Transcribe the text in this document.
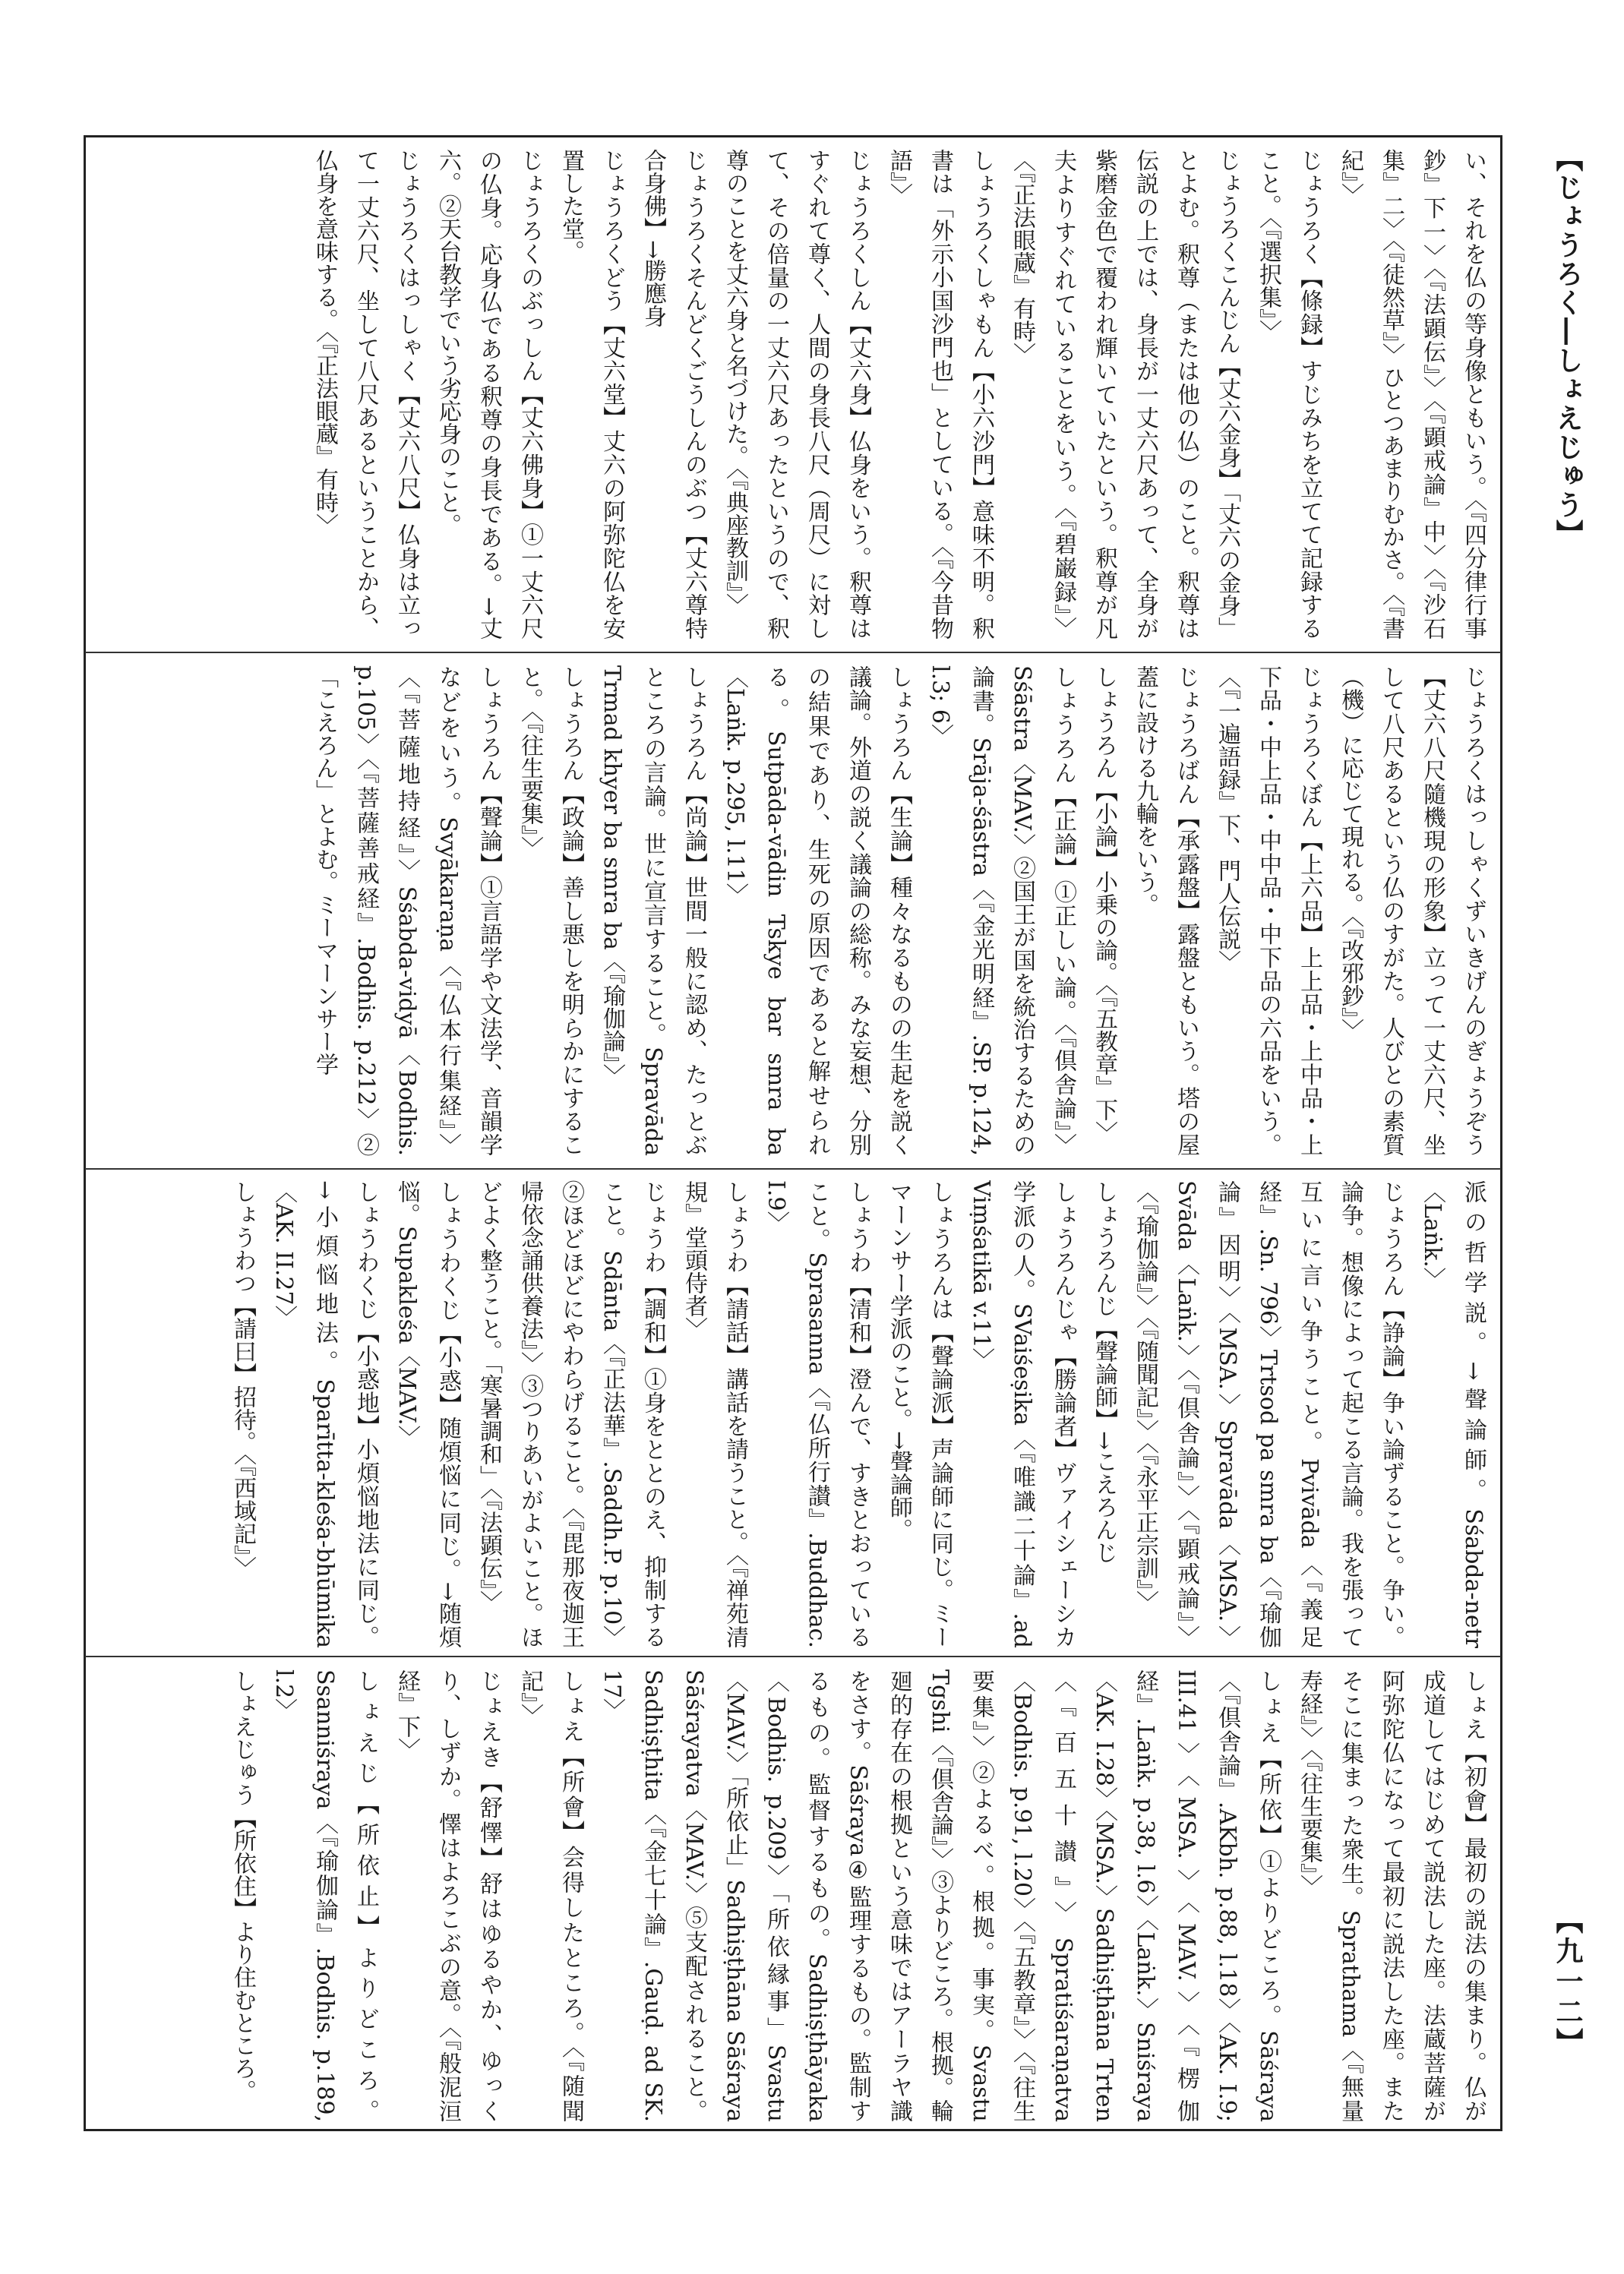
【じょうろく―しょえじゅう】
【九一二】

い、それを仏の等身像ともいう。〈『四分律行事鈔』下一〉〈『法顕伝』〉〈『顕戒論』中〉〈『沙石集』二〉〈『徒然草』〉ひとつあまりむかさ。〈『書紀』〉

じょうろく【條録】すじみちを立てて記録すること。〈『選択集』〉

じょうろくこんじん【丈六金身】「丈六の金身」とよむ。釈尊（または他の仏）のこと。釈尊は伝説の上では、身長が一丈六尺あって、全身が紫磨金色で覆われ輝いていたという。釈尊が凡夫よりすぐれていることをいう。〈『碧巌録』〉〈『正法眼蔵』有時〉

しょうろくしゃもん【小六沙門】意味不明。釈書は「外示小国沙門也」としている。〈『今昔物語』〉

じょうろくしん【丈六身】仏身をいう。釈尊はすぐれて尊く、人間の身長八尺（周尺）に対して、その倍量の一丈六尺あったというので、釈尊のことを丈六身と名づけた。〈『典座教訓』〉

じょうろくそんどくごうしんのぶつ【丈六尊特合身佛】→勝應身

じょうろくどう【丈六堂】丈六の阿弥陀仏を安置した堂。

じょうろくのぶっしん【丈六佛身】①一丈六尺の仏身。応身仏である釈尊の身長である。→丈六。②天台教学でいう劣応身のこと。

じょうろくはっしゃく【丈六八尺】仏身は立って一丈六尺、坐して八尺あるということから、仏身を意味する。〈『正法眼蔵』有時〉

じょうろくはっしゃくずいきげんのぎょうぞう【丈六八尺隨機現の形象】立って一丈六尺、坐して八尺あるという仏のすがた。人びとの素質（機）に応じて現れる。〈『改邪鈔』〉

じょうろくぼん【上六品】上上品・上中品・上下品・中上品・中中品・中下品の六品をいう。〈『一遍語録』下、門人伝説〉

じょうろばん【承露盤】露盤ともいう。塔の屋蓋に設ける九輪をいう。

しょうろん【小論】小乗の論。〈『五教章』下〉

しょうろん【正論】①正しい論。〈『倶舎論』〉Sśāstra〈MAV.〉②国王が国を統治するための論書。Srāja-śāstra〈『金光明経』.SP. p.124, l.3; 6〉

しょうろん【生論】種々なるものの生起を説く議論。外道の説く議論の総称。みな妄想、分別の結果であり、生死の原因であると解せられる。Sutpāda-vādin Tskye bar smra ba〈Laṅk. p.295, l.11〉

しょうろん【尚論】世間一般に認め、たっとぶところの言論。世に宣言すること。Spravāda Trmad khyer ba smra ba〈『瑜伽論』〉

しょうろん【政論】善し悪しを明らかにすること。〈『往生要集』〉

しょうろん【聲論】①言語学や文法学、音韻学などをいう。Svyākaraṇa〈『仏本行集経』〉〈『菩薩地持経』〉Sśabda-vidyā〈Bodhis. p.105〉〈『菩薩善戒経』.Bodhis. p.212〉②「こえろん」とよむ。ミーマーンサー学

派の哲学説。→聲論師。Sśabda-netr〈Laṅk.〉

じょうろん【諍論】争い論ずること。争い。論争。想像によって起こる言論。我を張って互いに言い争うこと。Pvivāda〈『義足経』.Sn. 796〉Trtsod pa smra ba〈『瑜伽論』因明〉〈MSA.〉Spravāda〈MSA.〉Svāda〈Laṅk.〉〈『倶舎論』〉〈『顕戒論』〉〈『瑜伽論』〉〈『随聞記』〉〈『永平正宗訓』〉

しょうろんじ【聲論師】→こえろんじ

しょうろんじゃ【勝論者】ヴァイシェーシカ学派の人。SVaiśeṣika〈『唯識二十論』.ad Viṃśatikā v.11〉

しょうろんは【聲論派】声論師に同じ。ミーマーンサー学派のこと。→聲論師。

しょうわ【清和】澄んで、すきとおっていること。Sprasanna〈『仏所行讃』.Buddhac. I.9〉

しょうわ【請話】講話を請うこと。〈『禅苑清規』堂頭侍者〉

じょうわ【調和】①身をととのえ、抑制すること。Sdānta〈『正法華』.Saddh.P. p.10〉②ほどほどにやわらげること。〈『毘那夜迦王帰依念誦供養法』〉③つりあいがよいこと。ほどよく整うこと。「寒暑調和」〈『法顕伝』〉

しょうわくじ【小惑】随煩悩に同じ。→随煩悩。Supakleśa〈MAV.〉

しょうわくじ【小惑地】小煩悩地法に同じ。→小煩悩地法。Sparītta-kleśa-bhūmika〈AK. II.27〉

しょうわつ【請曰】招待。〈『西域記』〉

しょえ【初會】最初の説法の集まり。仏が成道してはじめて説法した座。法蔵菩薩が阿弥陀仏になって最初に説法した座。またそこに集まった衆生。Sprathama〈『無量寿経』〉〈『往生要集』〉

しょえ【所依】①よりどころ。Sāśraya〈『倶舎論』.AKbh. p.88, l.18〉〈AK. I.9; III.41〉〈MSA.〉〈MAV.〉〈『楞伽経』.Laṅk. p.38, l.6〉〈Laṅk.〉Sniśraya〈AK. I.28〉〈MSA.〉Sadhiṣṭhāna Trten〈『百五十讃』〉Spratiśaraṇatva〈Bodhis. p.91, l.20〉〈『五教章』〉〈『往生要集』〉②よるべ。根拠。事実。Svastu Tgshi〈『倶舎論』〉③よりどころ。根拠。輪廻的存在の根拠という意味ではアーラヤ識をさす。Sāśraya④監理するもの。監制するもの。監督するもの。Sadhiṣṭhāyaka〈Bodhis. p.209〉「所依縁事」Svastu〈MAV.〉「所依止」Sadhiṣṭhāna Sāśraya Sāśrayatva〈MAV.〉⑤支配されること。Sadhiṣṭhita〈『金七十論』.Gauḍ. ad SK. 17〉

しょえ【所會】会得したところ。〈『随聞記』〉

じょえき【舒懌】舒はゆるやか、ゆっくり、しずか。懌はよろこぶの意。〈『般泥洹経』下〉

しょえじ【所依止】よりどころ。Ssanniśraya〈『瑜伽論』.Bodhis. p.189, l.2〉

しょえじゅう【所依住】より住むところ。
